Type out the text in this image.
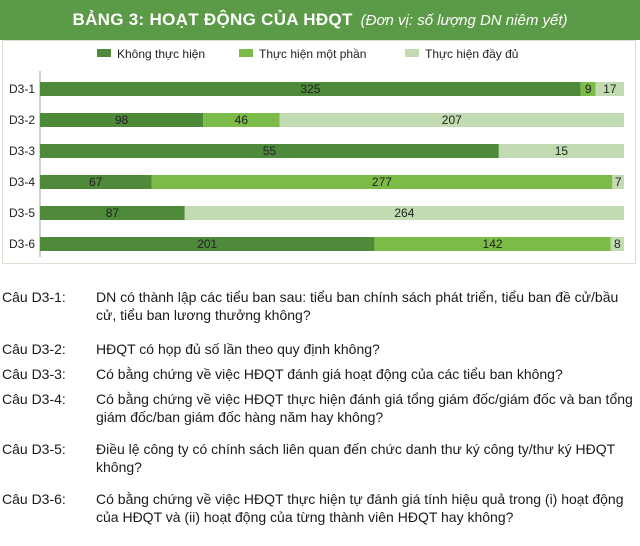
BẢNG 3: HOẠT ĐỘNG CỦA HĐQT (Đơn vị: số lượng DN niêm yết)
Không thực hiện	Thực hiện một phần	Thực hiện đầy đủ
D3-1	325	9 17
D3-2	98	46	207
D3-3	55	15
D3-4	67	277	7
D3-5	87	264
D3-6	201	142	8
Câu D3-1: DN có thành lập các tiểu ban sau: tiểu ban chính sách phát triển, tiểu ban đề cử/bầu cử, tiểu ban lương thưởng không?
Câu D3-2: HĐQT có họp đủ số lần theo quy định không?
Câu D3-3: Có bằng chứng về việc HĐQT đánh giá hoạt động của các tiểu ban không?
Câu D3-4: Có bằng chứng về việc HĐQT thực hiện đánh giá tổng giám đốc/giám đốc và ban tổng giám đốc/ban giám đốc hàng năm hay không?
Câu D3-5: Điều lệ công ty có chính sách liên quan đến chức danh thư ký công ty/thư ký HĐQT không?
Câu D3-6: Có bằng chứng về việc HĐQT thực hiện tự đánh giá tính hiệu quả trong (i) hoạt động của HĐQT và (ii) hoạt động của từng thành viên HĐQT hay không?
